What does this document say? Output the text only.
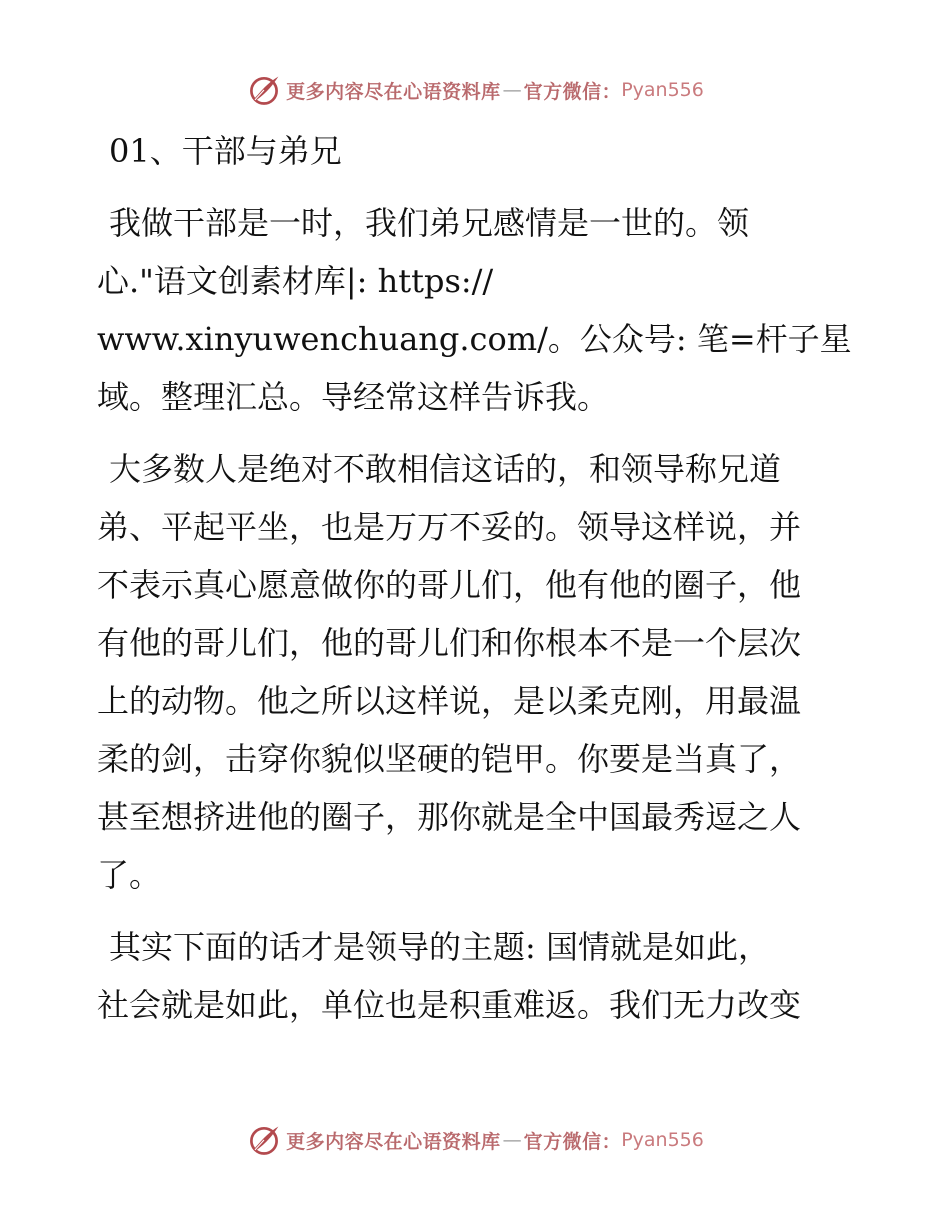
更多内容尽在心语资料库 — 官方微信： Pyan556
01、干部与弟兄
我做干部是一时，我们弟兄感情是一世的。领
心."语文创素材库|: https://
www.xinyuwenchuang.com/。公众号: 笔=杆子星
域。整理汇总。导经常这样告诉我。
大多数人是绝对不敢相信这话的，和领导称兄道
弟、平起平坐，也是万万不妥的。领导这样说，并
不表示真心愿意做你的哥儿们，他有他的圈子，他
有他的哥儿们，他的哥儿们和你根本不是一个层次
上的动物。他之所以这样说，是以柔克刚，用最温
柔的剑，击穿你貌似坚硬的铠甲。你要是当真了，
甚至想挤进他的圈子，那你就是全中国最秀逗之人
了。
其实下面的话才是领导的主题: 国情就是如此，
社会就是如此，单位也是积重难返。我们无力改变
更多内容尽在心语资料库 — 官方微信： Pyan556
